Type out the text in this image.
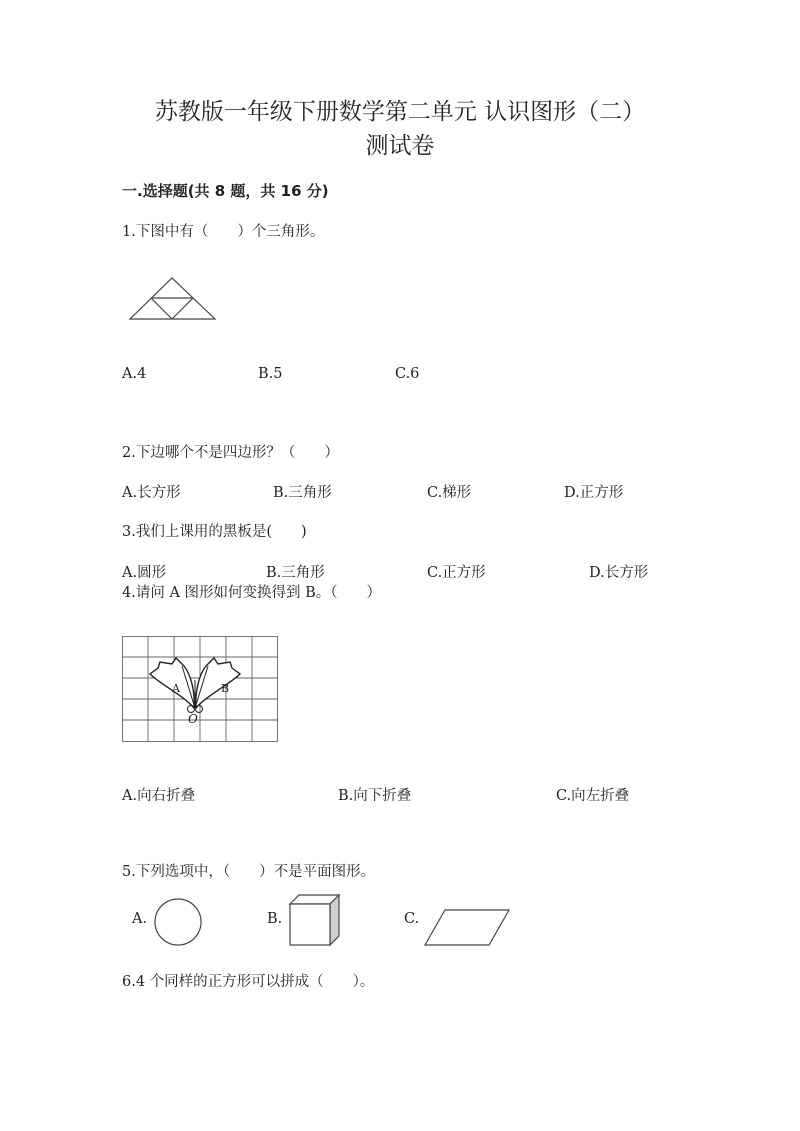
苏教版一年级下册数学第二单元 认识图形（二）
测试卷
一.选择题(共 8 题，共 16 分)
1.下图中有（　　）个三角形。
A.4	B.5	C.6
2.下边哪个不是四边形？（　　）
A.长方形	B.三角形	C.梯形	D.正方形
3.我们上课用的黑板是(　　)
A.圆形	B.三角形	C.正方形	D.长方形
4.请问 A 图形如何变换得到 B。（　　）
A	B
O
A.向右折叠	B.向下折叠	C.向左折叠
5.下列选项中，（　　）不是平面图形。
A.	B.	C.
6.4 个同样的正方形可以拼成（　　）。
